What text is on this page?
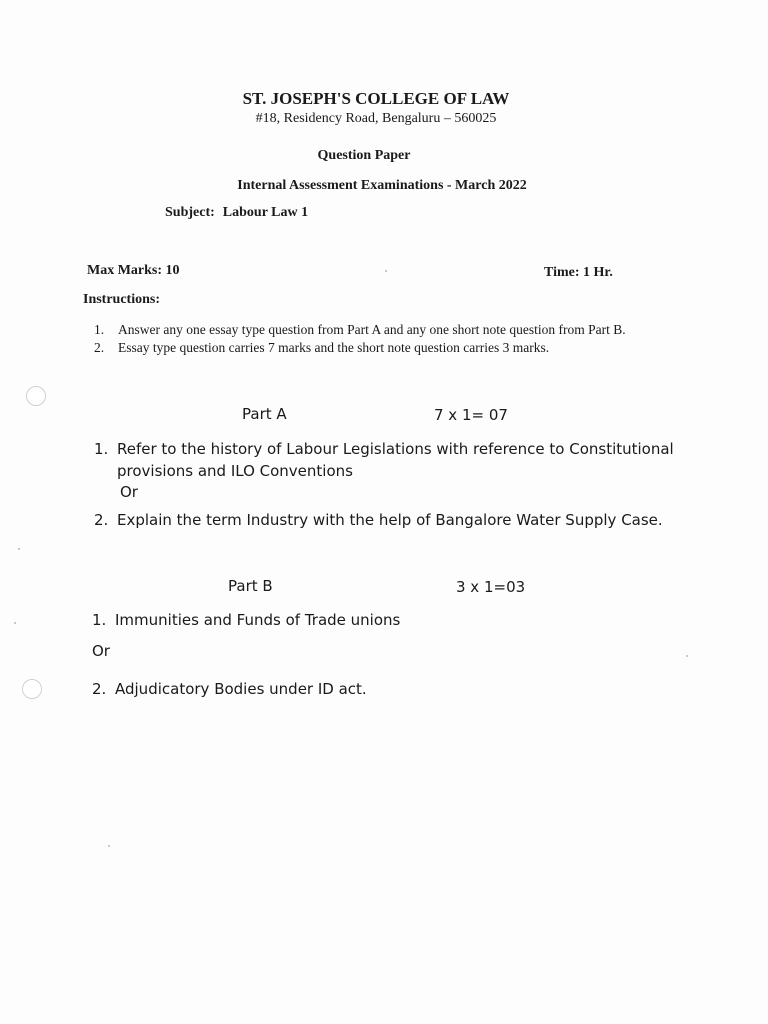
ST. JOSEPH'S COLLEGE OF LAW
#18, Residency Road, Bengaluru – 560025
Question Paper
Internal Assessment Examinations - March 2022
Subject: Labour Law 1
Max Marks: 10	Time: 1 Hr.
Instructions:
1.	Answer any one essay type question from Part A and any one short note question from Part B.
2.	Essay type question carries 7 marks and the short note question carries 3 marks.
Part A	7 x 1= 07
1. Refer to the history of Labour Legislations with reference to Constitutional provisions and ILO Conventions
Or
2. Explain the term Industry with the help of Bangalore Water Supply Case.
Part B	3 x 1=03
1. Immunities and Funds of Trade unions
Or
2. Adjudicatory Bodies under ID act.
